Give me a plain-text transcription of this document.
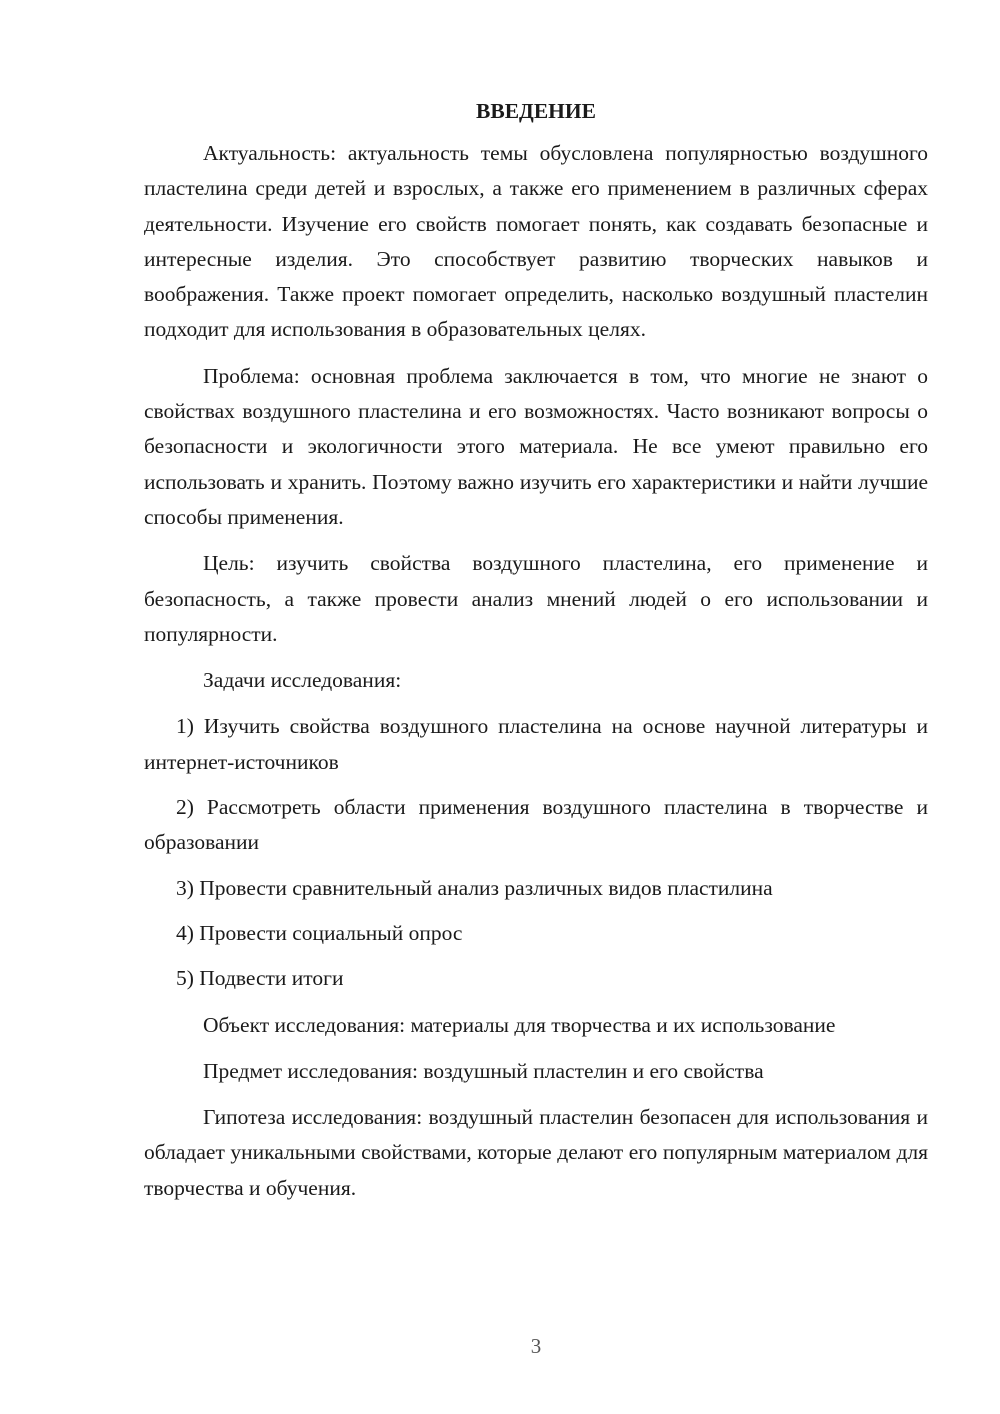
ВВЕДЕНИЕ

Актуальность: актуальность темы обусловлена популярностью воздушного пластелина среди детей и взрослых, а также его применением в различных сферах деятельности. Изучение его свойств помогает понять, как создавать безопасные и интересные изделия. Это способствует развитию творческих навыков и воображения. Также проект помогает определить, насколько воздушный пластелин подходит для использования в образовательных целях.

Проблема: основная проблема заключается в том, что многие не знают о свойствах воздушного пластелина и его возможностях. Часто возникают вопросы о безопасности и экологичности этого материала. Не все умеют правильно его использовать и хранить. Поэтому важно изучить его характеристики и найти лучшие способы применения.

Цель: изучить свойства воздушного пластелина, его применение и безопасность, а также провести анализ мнений людей о его использовании и популярности.

Задачи исследования:

1) Изучить свойства воздушного пластелина на основе научной литературы и интернет-источников
2) Рассмотреть области применения воздушного пластелина в творчестве и образовании
3) Провести сравнительный анализ различных видов пластилина
4) Провести социальный опрос
5) Подвести итоги

Объект исследования: материалы для творчества и их использование

Предмет исследования: воздушный пластелин и его свойства

Гипотеза исследования: воздушный пластелин безопасен для использования и обладает уникальными свойствами, которые делают его популярным материалом для творчества и обучения.

3
